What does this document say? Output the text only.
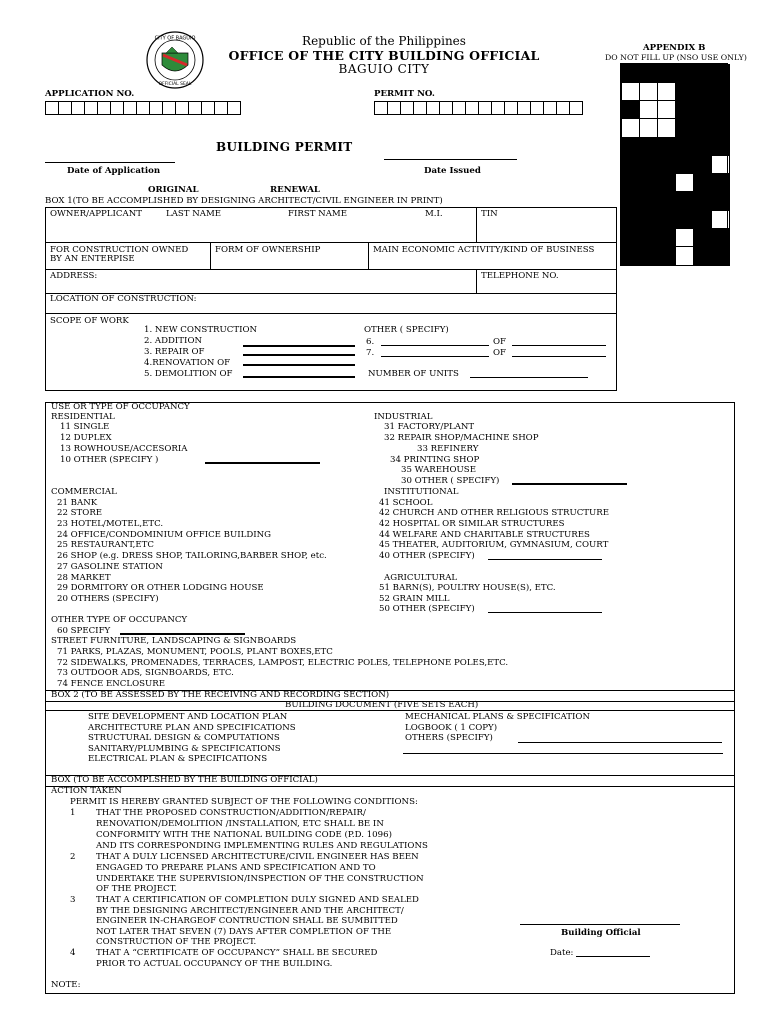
CITY OF BAGUIO
OFFICIAL SEAL
Republic of the Philippines
OFFICE OF THE CITY BUILDING OFFICIAL
BAGUIO CITY
APPENDIX B
DO NOT FILL UP (NSO USE ONLY)
APPLICATION NO.	PERMIT NO.
BUILDING PERMIT
Date of Application	Date Issued
ORIGINAL	RENEWAL
BOX 1(TO BE ACCOMPLISHED BY DESIGNING ARCHITECT/CIVIL ENGINEER IN PRINT)
OWNER/APPLICANT	LAST NAME	FIRST NAME	M.I.	TIN
FOR CONSTRUCTION OWNED
BY AN ENTERPISE
FORM OF OWNERSHIP	MAIN ECONOMIC ACTIVITY/KIND OF BUSINESS
ADDRESS:	TELEPHONE NO.
LOCATION OF CONSTRUCTION:
SCOPE OF WORK
1. NEW CONSTRUCTION
2. ADDITION
3. REPAIR OF
4.RENOVATION OF
5. DEMOLITION OF
OTHER ( SPECIFY)
6.	OF
7.	OF
NUMBER OF UNITS
USE OR TYPE OF OCCUPANCY
RESIDENTIAL
11 SINGLE
12 DUPLEX
13 ROWHOUSE/ACCESORIA
10 OTHER (SPECIFY )
INDUSTRIAL
31 FACTORY/PLANT
32 REPAIR SHOP/MACHINE SHOP
33 REFINERY
34 PRINTING SHOP
35 WAREHOUSE
30 OTHER ( SPECIFY)
COMMERCIAL
21 BANK
22 STORE
23 HOTEL/MOTEL,ETC.
24 OFFICE/CONDOMINIUM OFFICE BUILDING
25 RESTAURANT,ETC
26 SHOP (e.g. DRESS SHOP, TAILORING,BARBER SHOP, etc.
27 GASOLINE STATION
28 MARKET
29 DORMITORY OR OTHER LODGING HOUSE
20 OTHERS (SPECIFY)
INSTITUTIONAL
41 SCHOOL
42 CHURCH AND OTHER RELIGIOUS STRUCTURE
42 HOSPITAL OR SIMILAR STRUCTURES
44 WELFARE AND CHARITABLE STRUCTURES
45 THEATER, AUDITORIUM, GYMNASIUM, COURT
40 OTHER (SPECIFY)
AGRICULTURAL
51 BARN(S), POULTRY HOUSE(S), ETC.
52 GRAIN MILL
50 OTHER (SPECIFY)
OTHER TYPE OF OCCUPANCY
60 SPECIFY
STREET FURNITURE, LANDSCAPING & SIGNBOARDS
71 PARKS, PLAZAS, MONUMENT, POOLS, PLANT BOXES,ETC
72 SIDEWALKS, PROMENADES, TERRACES, LAMPOST, ELECTRIC POLES, TELEPHONE POLES,ETC.
73 OUTDOOR ADS, SIGNBOARDS, ETC.
74 FENCE ENCLOSURE
BOX 2 (TO BE ASSESSED BY THE RECEIVING AND RECORDING SECTION)
BUILDING DOCUMENT (FIVE SETS EACH)
SITE DEVELOPMENT AND LOCATION PLAN
ARCHITECTURE PLAN AND SPECIFICATIONS
STRUCTURAL DESIGN & COMPUTATIONS
SANITARY/PLUMBING & SPECIFICATIONS
ELECTRICAL PLAN & SPECIFICATIONS
MECHANICAL PLANS & SPECIFICATION
LOGBOOK ( 1 COPY)
OTHERS (SPECIFY)
BOX (TO BE ACCOMPLSHED BY THE BUILDING OFFICIAL)
ACTION TAKEN
PERMIT IS HEREBY GRANTED SUBJECT OF THE FOLLOWING CONDITIONS:
1 THAT THE PROPOSED CONSTRUCTION/ADDITION/REPAIR/
RENOVATION/DEMOLITION /INSTALLATION, ETC SHALL BE IN
CONFORMITY WITH THE NATIONAL BUILDING CODE (P.D. 1096)
AND ITS CORRESPONDING IMPLEMENTING RULES AND REGULATIONS
2 THAT A DULY LICENSED ARCHITECTURE/CIVIL ENGINEER HAS BEEN
ENGAGED TO PREPARE PLANS AND SPECIFICATION AND TO
UNDERTAKE THE SUPERVISION/INSPECTION OF THE CONSTRUCTION
OF THE PROJECT.
3 THAT A CERTIFICATION OF COMPLETION DULY SIGNED AND SEALED
BY THE DESIGNING ARCHITECT/ENGINEER AND THE ARCHITECT/
ENGINEER IN-CHARGEOF CONTRUCTION SHALL BE SUMBITTED
NOT LATER THAT SEVEN (7) DAYS AFTER COMPLETION OF THE
CONSTRUCTION OF THE PROJECT.
4 THAT A “CERTIFICATE OF OCCUPANCY” SHALL BE SECURED
PRIOR TO ACTUAL OCCUPANCY OF THE BUILDING.
Building Official
Date:
NOTE:
